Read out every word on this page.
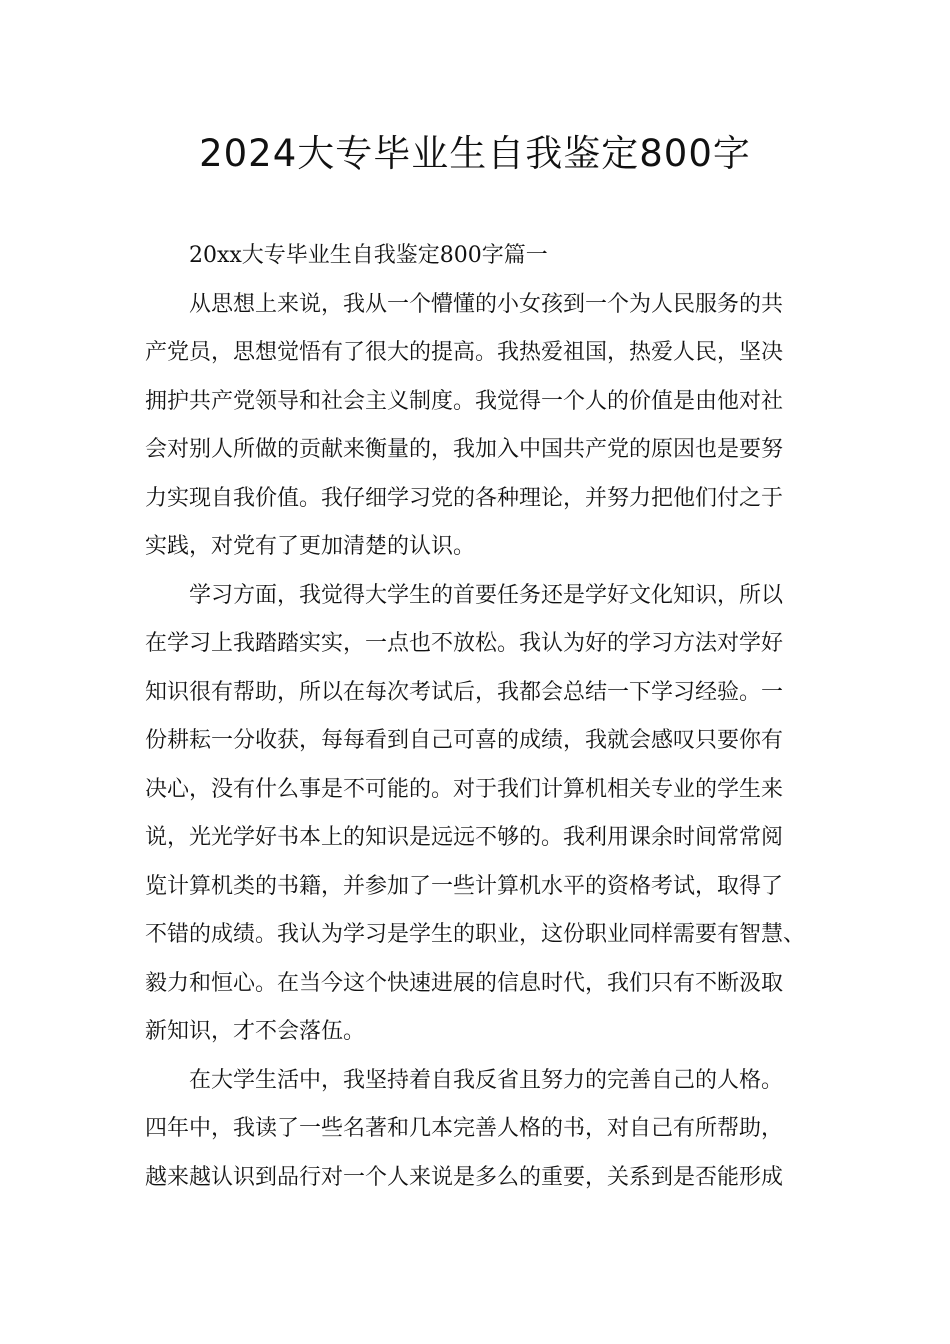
2024大专毕业生自我鉴定800字
20xx大专毕业生自我鉴定800字篇一
从思想上来说，我从一个懵懂的小女孩到一个为人民服务的共
产党员，思想觉悟有了很大的提高。我热爱祖国，热爱人民，坚决
拥护共产党领导和社会主义制度。我觉得一个人的价值是由他对社
会对别人所做的贡献来衡量的，我加入中国共产党的原因也是要努
力实现自我价值。我仔细学习党的各种理论，并努力把他们付之于
实践，对党有了更加清楚的认识。
学习方面，我觉得大学生的首要任务还是学好文化知识，所以
在学习上我踏踏实实，一点也不放松。我认为好的学习方法对学好
知识很有帮助，所以在每次考试后，我都会总结一下学习经验。一
份耕耘一分收获，每每看到自己可喜的成绩，我就会感叹只要你有
决心，没有什么事是不可能的。对于我们计算机相关专业的学生来
说，光光学好书本上的知识是远远不够的。我利用课余时间常常阅
览计算机类的书籍，并参加了一些计算机水平的资格考试，取得了
不错的成绩。我认为学习是学生的职业，这份职业同样需要有智慧、
毅力和恒心。在当今这个快速进展的信息时代，我们只有不断汲取
新知识，才不会落伍。
在大学生活中，我坚持着自我反省且努力的完善自己的人格。
四年中，我读了一些名著和几本完善人格的书，对自己有所帮助，
越来越认识到品行对一个人来说是多么的重要，关系到是否能形成
